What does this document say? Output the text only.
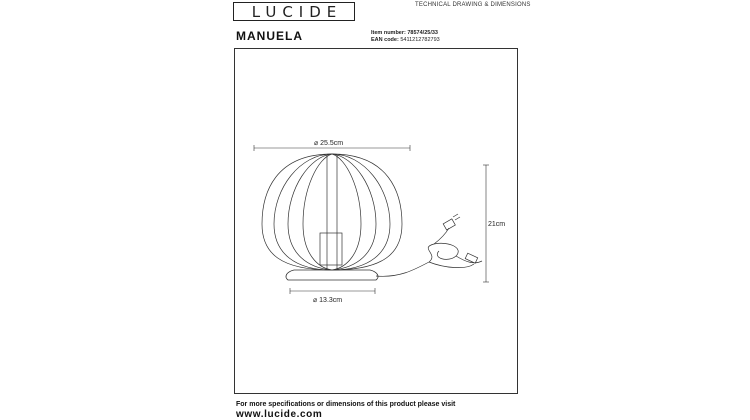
LUCIDE	TECHNICAL DRAWING & DIMENSIONS
MANUELA	Item number: 78574/25/33
EAN code: 5411212782793
⌀ 25.5cm
⌀ 13.3cm
21cm
For more specifications or dimensions of this product please visit
www.lucide.com
